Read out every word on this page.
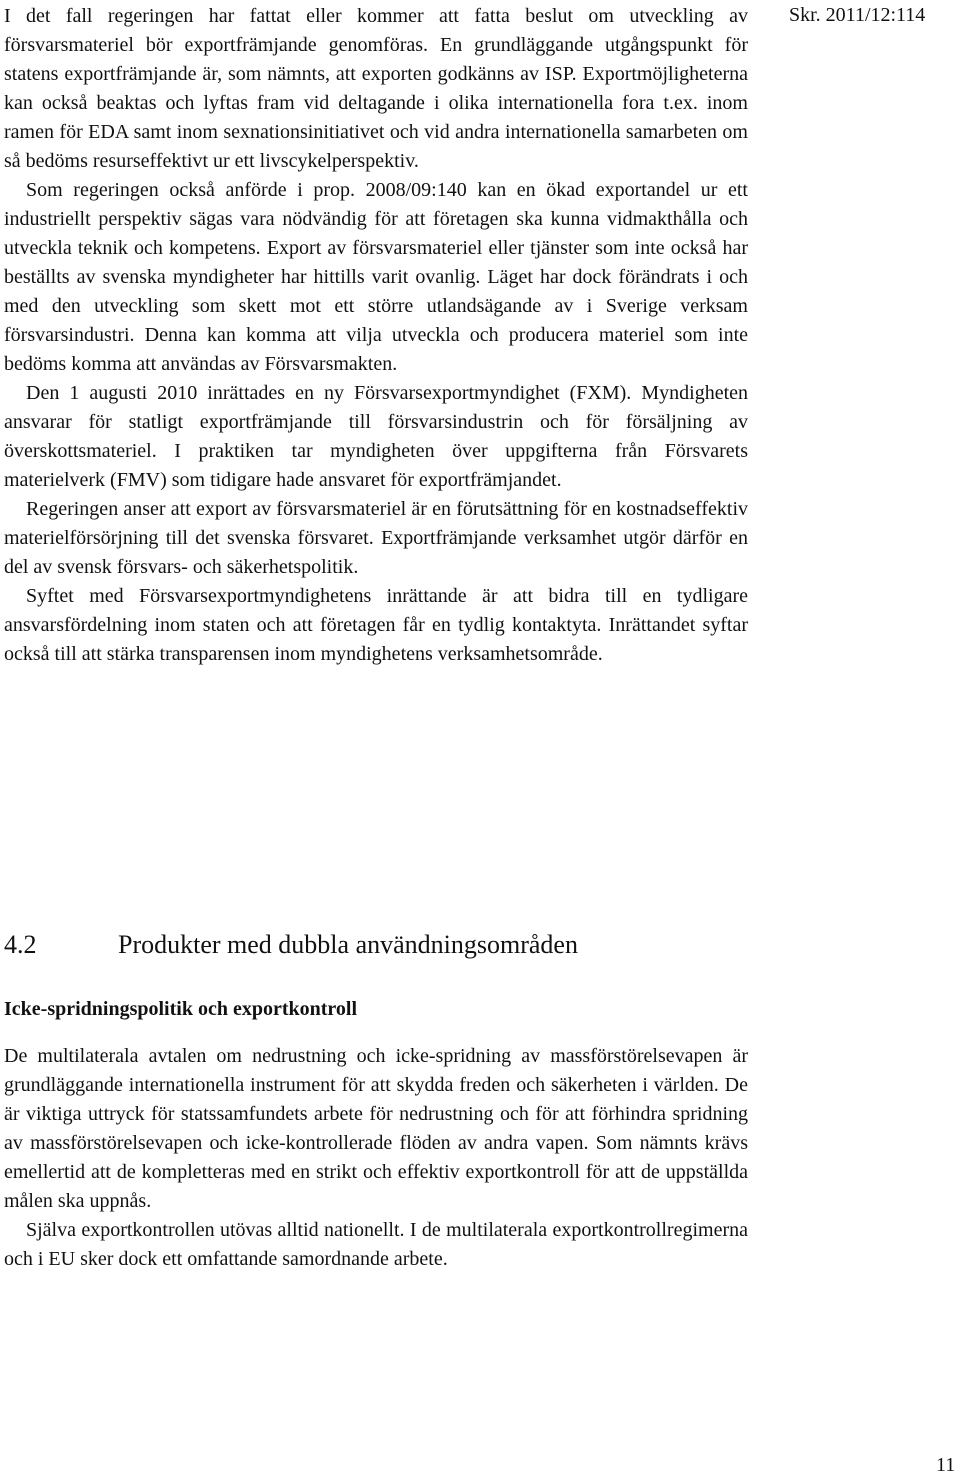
Skr. 2011/12:114

I det fall regeringen har fattat eller kommer att fatta beslut om utveckling av försvarsmateriel bör exportfrämjande genomföras. En grundläggande utgångspunkt för statens exportfrämjande är, som nämnts, att exporten godkänns av ISP. Exportmöjligheterna kan också beaktas och lyftas fram vid deltagande i olika internationella fora t.ex. inom ramen för EDA samt inom sexnationsinitiativet och vid andra internationella samarbeten om så bedöms resurseffektivt ur ett livscykelperspektiv.

Som regeringen också anförde i prop. 2008/09:140 kan en ökad exportandel ur ett industriellt perspektiv sägas vara nödvändig för att företagen ska kunna vidmakthålla och utveckla teknik och kompetens. Export av försvarsmateriel eller tjänster som inte också har beställts av svenska myndigheter har hittills varit ovanlig. Läget har dock förändrats i och med den utveckling som skett mot ett större utlandsägande av i Sverige verksam försvarsindustri. Denna kan komma att vilja utveckla och producera materiel som inte bedöms komma att användas av Försvarsmakten.

Den 1 augusti 2010 inrättades en ny Försvarsexportmyndighet (FXM). Myndigheten ansvarar för statligt exportfrämjande till försvarsindustrin och för försäljning av överskottsmateriel. I praktiken tar myndigheten över uppgifterna från Försvarets materielverk (FMV) som tidigare hade ansvaret för exportfrämjandet.

Regeringen anser att export av försvarsmateriel är en förutsättning för en kostnadseffektiv materielförsörjning till det svenska försvaret. Exportfrämjande verksamhet utgör därför en del av svensk försvars- och säkerhetspolitik.

Syftet med Försvarsexportmyndighetens inrättande är att bidra till en tydligare ansvarsfördelning inom staten och att företagen får en tydlig kontaktyta. Inrättandet syftar också till att stärka transparensen inom myndighetens verksamhetsområde.

4.2	Produkter med dubbla användningsområden
Icke-spridningspolitik och exportkontroll

De multilaterala avtalen om nedrustning och icke-spridning av massförstörelsevapen är grundläggande internationella instrument för att skydda freden och säkerheten i världen. De är viktiga uttryck för statssamfundets arbete för nedrustning och för att förhindra spridning av massförstörelsevapen och icke-kontrollerade flöden av andra vapen. Som nämnts krävs emellertid att de kompletteras med en strikt och effektiv exportkontroll för att de uppställda målen ska uppnås.

Själva exportkontrollen utövas alltid nationellt. I de multilaterala exportkontrollregimerna och i EU sker dock ett omfattande samordnande arbete.

11
